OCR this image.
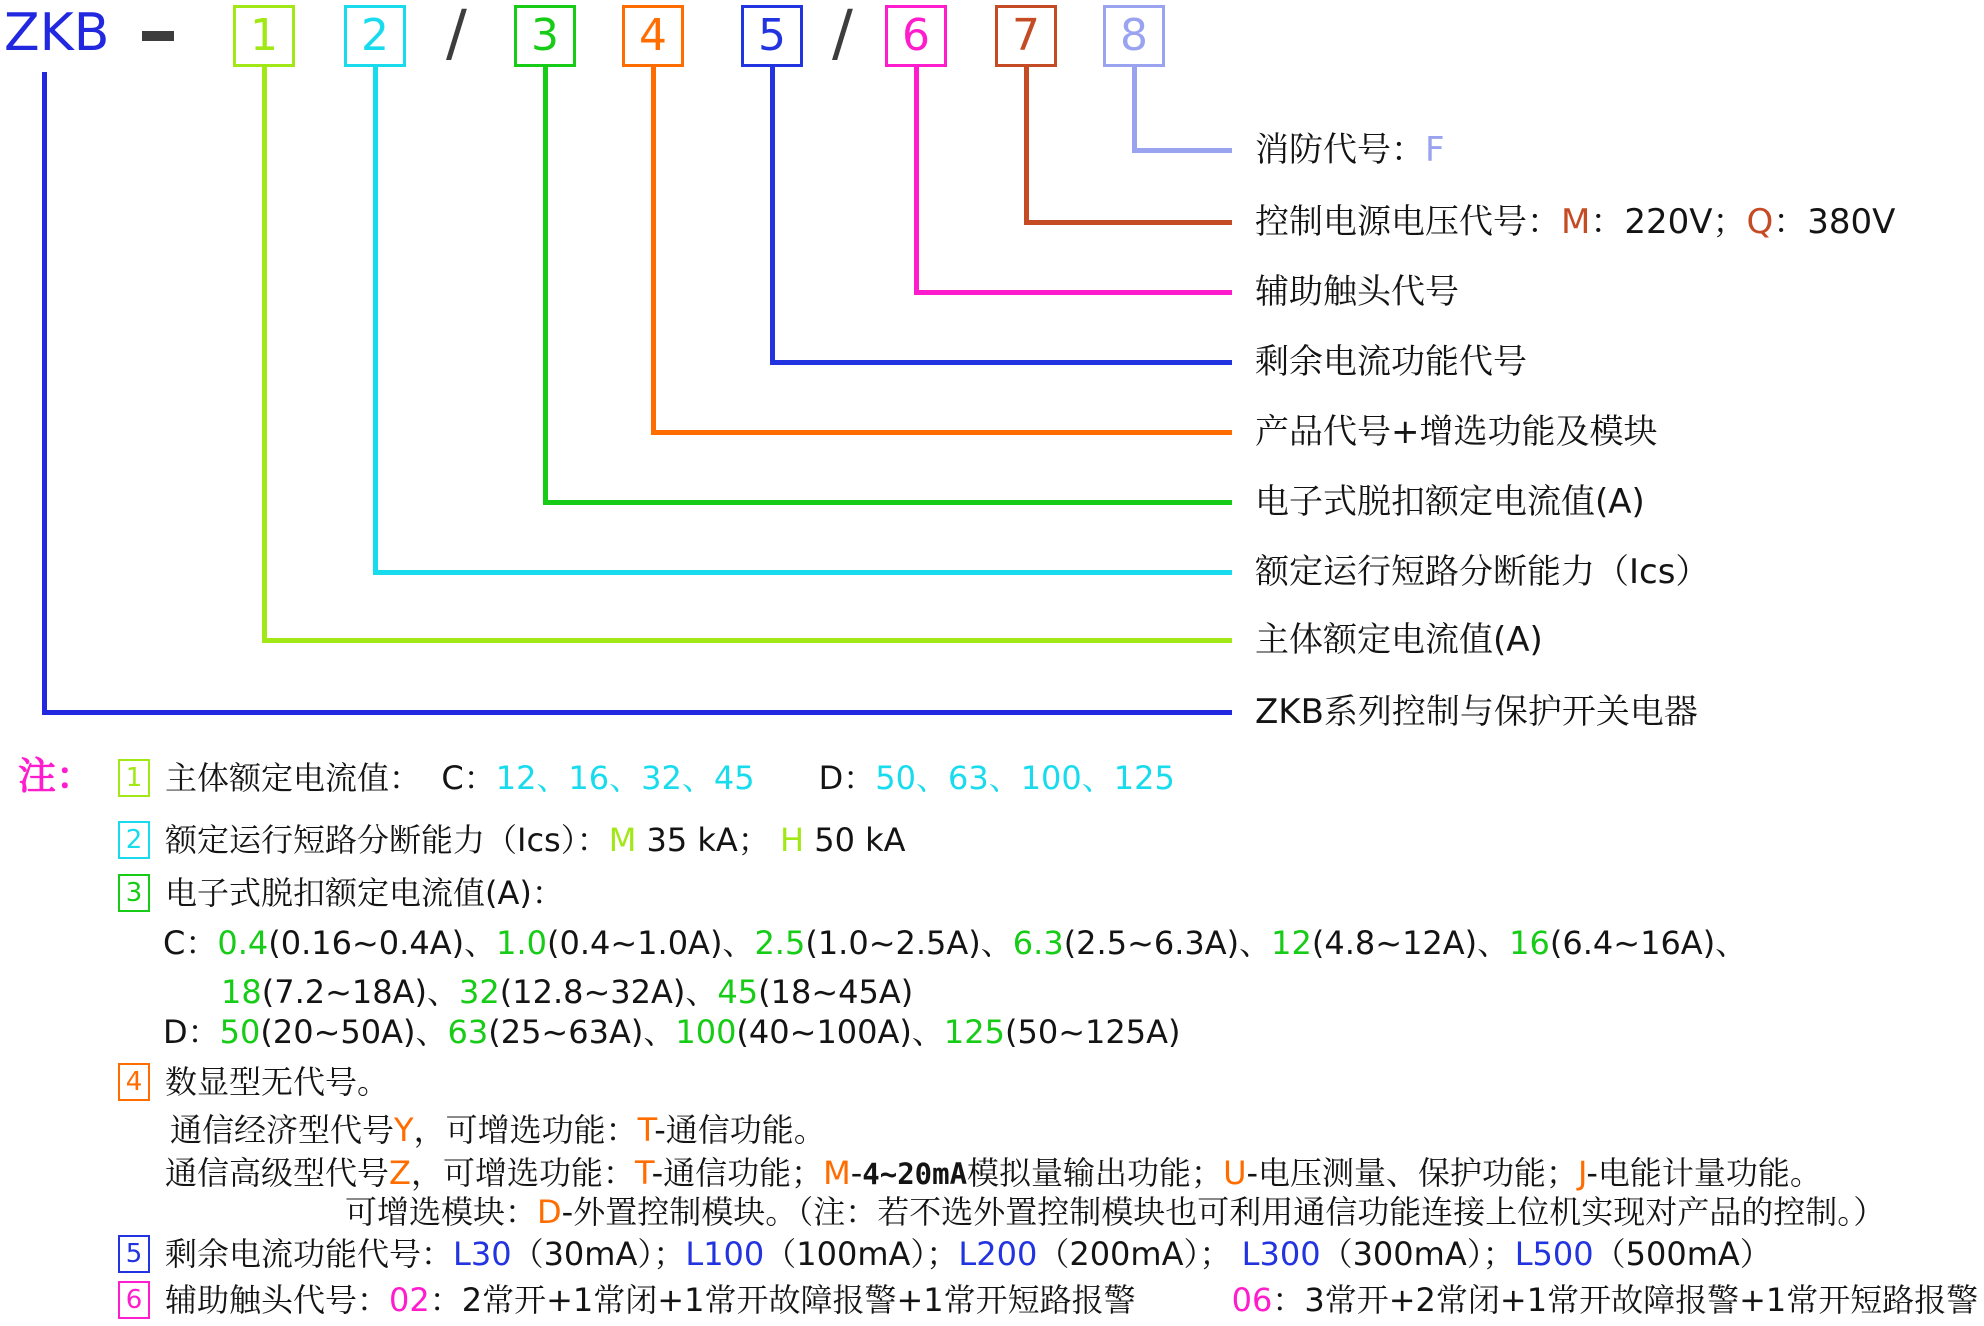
ZKB	1	2	3	4	5	6	7	8
/	/
消防代号：F
控制电源电压代号：M：220V；Q：380V
辅助触头代号
剩余电流功能代号
产品代号+增选功能及模块
电子式脱扣额定电流值(A)
额定运行短路分断能力（Ics）
主体额定电流值(A)
ZKB系列控制与保护开关电器
注： 1 主体额定电流值：  C：12、16、32、45　　D：50、63、100、125
2 额定运行短路分断能力（Ics）：M 35 kA； H 50 kA
3 电子式脱扣额定电流值(A)：
C：0.4(0.16~0.4A)、1.0(0.4~1.0A)、2.5(1.0~2.5A)、6.3(2.5~6.3A)、12(4.8~12A)、16(6.4~16A)、
18(7.2~18A)、32(12.8~32A)、45(18~45A)
D：50(20~50A)、63(25~63A)、100(40~100A)、125(50~125A)
4 数显型无代号。
通信经济型代号Y，可增选功能：T-通信功能。
通信高级型代号Z，可增选功能：T-通信功能；M-4~20mA模拟量输出功能；U-电压测量、保护功能；J-电能计量功能。
可增选模块：D-外置控制模块。（注：若不选外置控制模块也可利用通信功能连接上位机实现对产品的控制。）
5 剩余电流功能代号：L30（30mA）；L100（100mA）；L200（200mA）； L300（300mA）；L500（500mA）
6 辅助触头代号：02：2常开+1常闭+1常开故障报警+1常开短路报警　　　	06：3常开+2常闭+1常开故障报警+1常开短路报警
